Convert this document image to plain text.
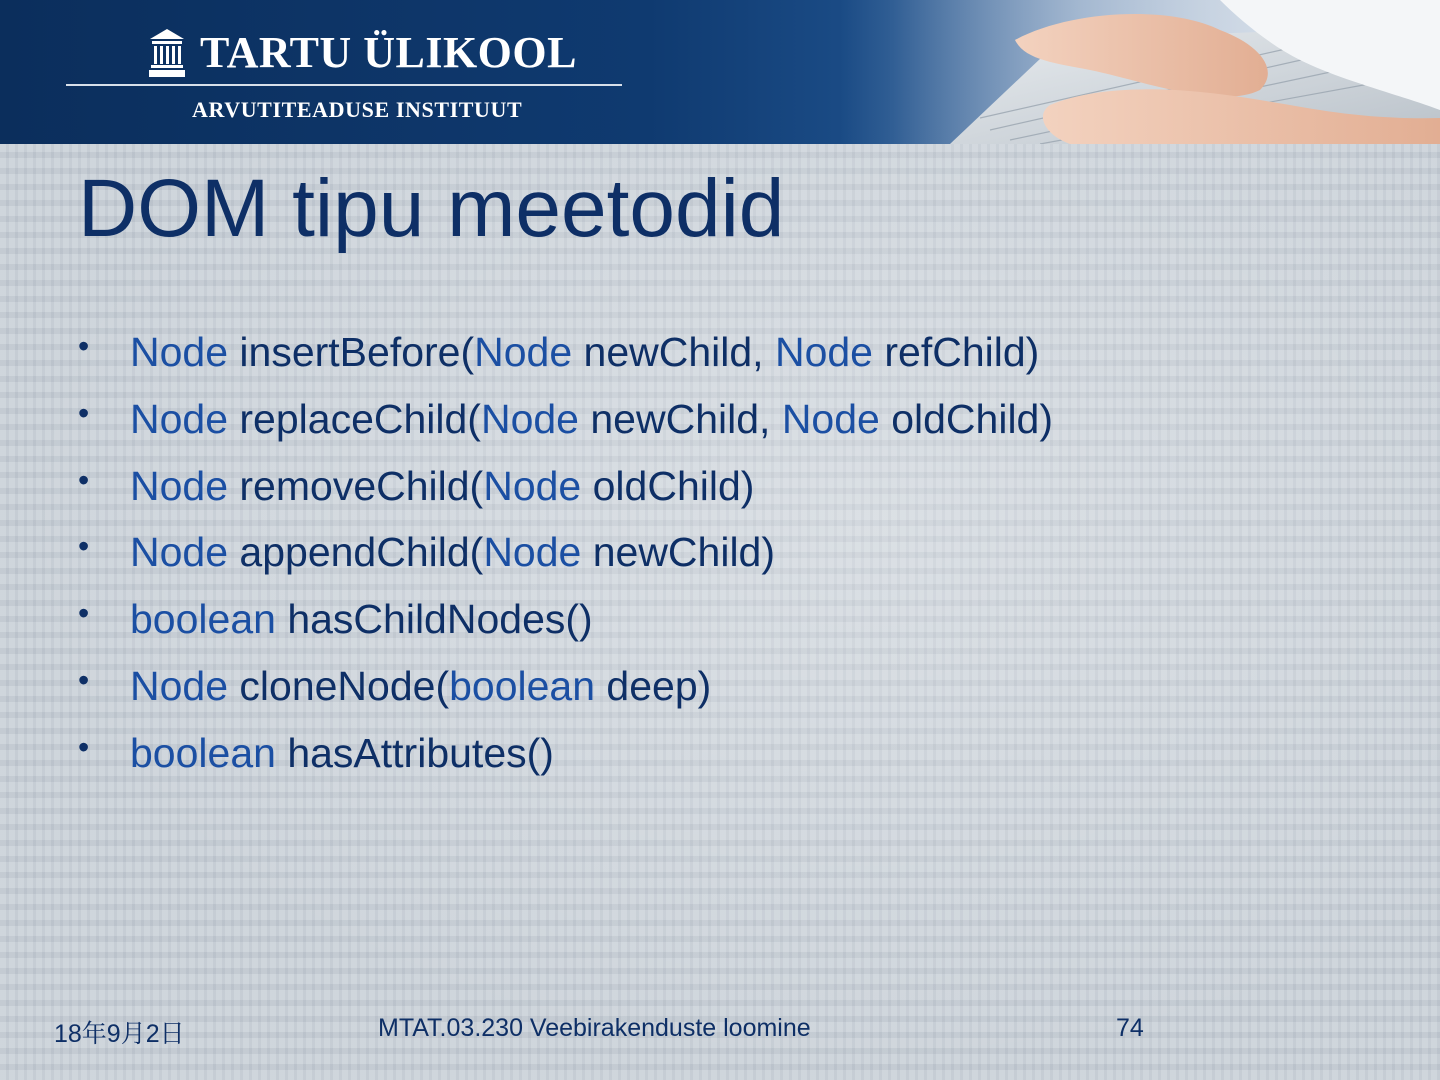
TARTU ÜLIKOOL
ARVUTITEADUSE INSTITUUT
DOM tipu meetodid
• Node insertBefore(Node newChild, Node refChild)
• Node replaceChild(Node newChild, Node oldChild)
• Node removeChild(Node oldChild)
• Node appendChild(Node newChild)
• boolean hasChildNodes()
• Node cloneNode(boolean deep)
• boolean hasAttributes()
18年9月2日	MTAT.03.230 Veebirakenduste loomine	74
